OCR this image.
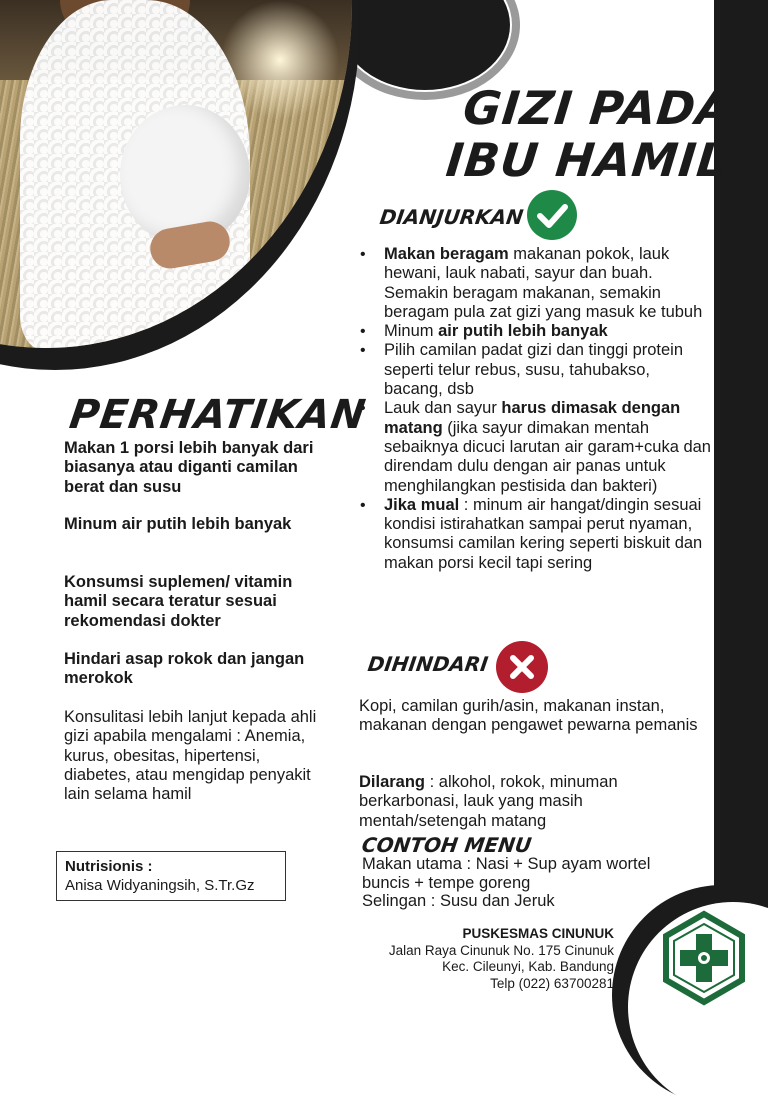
GIZI PADA
IBU HAMIL
DIANJURKAN
• Makan beragam makanan pokok, lauk hewani, lauk nabati, sayur dan buah. Semakin beragam makanan, semakin beragam pula zat gizi yang masuk ke tubuh
• Minum air putih lebih banyak
• Pilih camilan padat gizi dan tinggi protein seperti telur rebus, susu, tahubakso, bacang, dsb
• Lauk dan sayur harus dimasak dengan matang (jika sayur dimakan mentah sebaiknya dicuci larutan air garam+cuka dan direndam dulu dengan air panas untuk menghilangkan pestisida dan bakteri)
• Jika mual : minum air hangat/dingin sesuai kondisi istirahatkan sampai perut nyaman, konsumsi camilan kering seperti biskuit dan makan porsi kecil tapi sering
PERHATIKAN

Makan 1 porsi lebih banyak dari biasanya atau diganti camilan berat dan susu

Minum air putih lebih banyak

Konsumsi suplemen/ vitamin hamil secara teratur sesuai rekomendasi dokter

Hindari asap rokok dan jangan merokok

Konsulitasi lebih lanjut kepada ahli gizi apabila mengalami : Anemia, kurus, obesitas, hipertensi, diabetes, atau mengidap penyakit lain selama hamil

DIHINDARI

Kopi, camilan gurih/asin, makanan instan, makanan dengan pengawet pewarna pemanis

Dilarang : alkohol, rokok, minuman berkarbonasi, lauk yang masih mentah/setengah matang

CONTOH MENU
Makan utama : Nasi + Sup ayam wortel buncis + tempe goreng
Selingan : Susu dan Jeruk
Nutrisionis :
Anisa Widyaningsih, S.Tr.Gz
PUSKESMAS CINUNUK
Jalan Raya Cinunuk No. 175 Cinunuk
Kec. Cileunyi, Kab. Bandung
Telp (022) 63700281
